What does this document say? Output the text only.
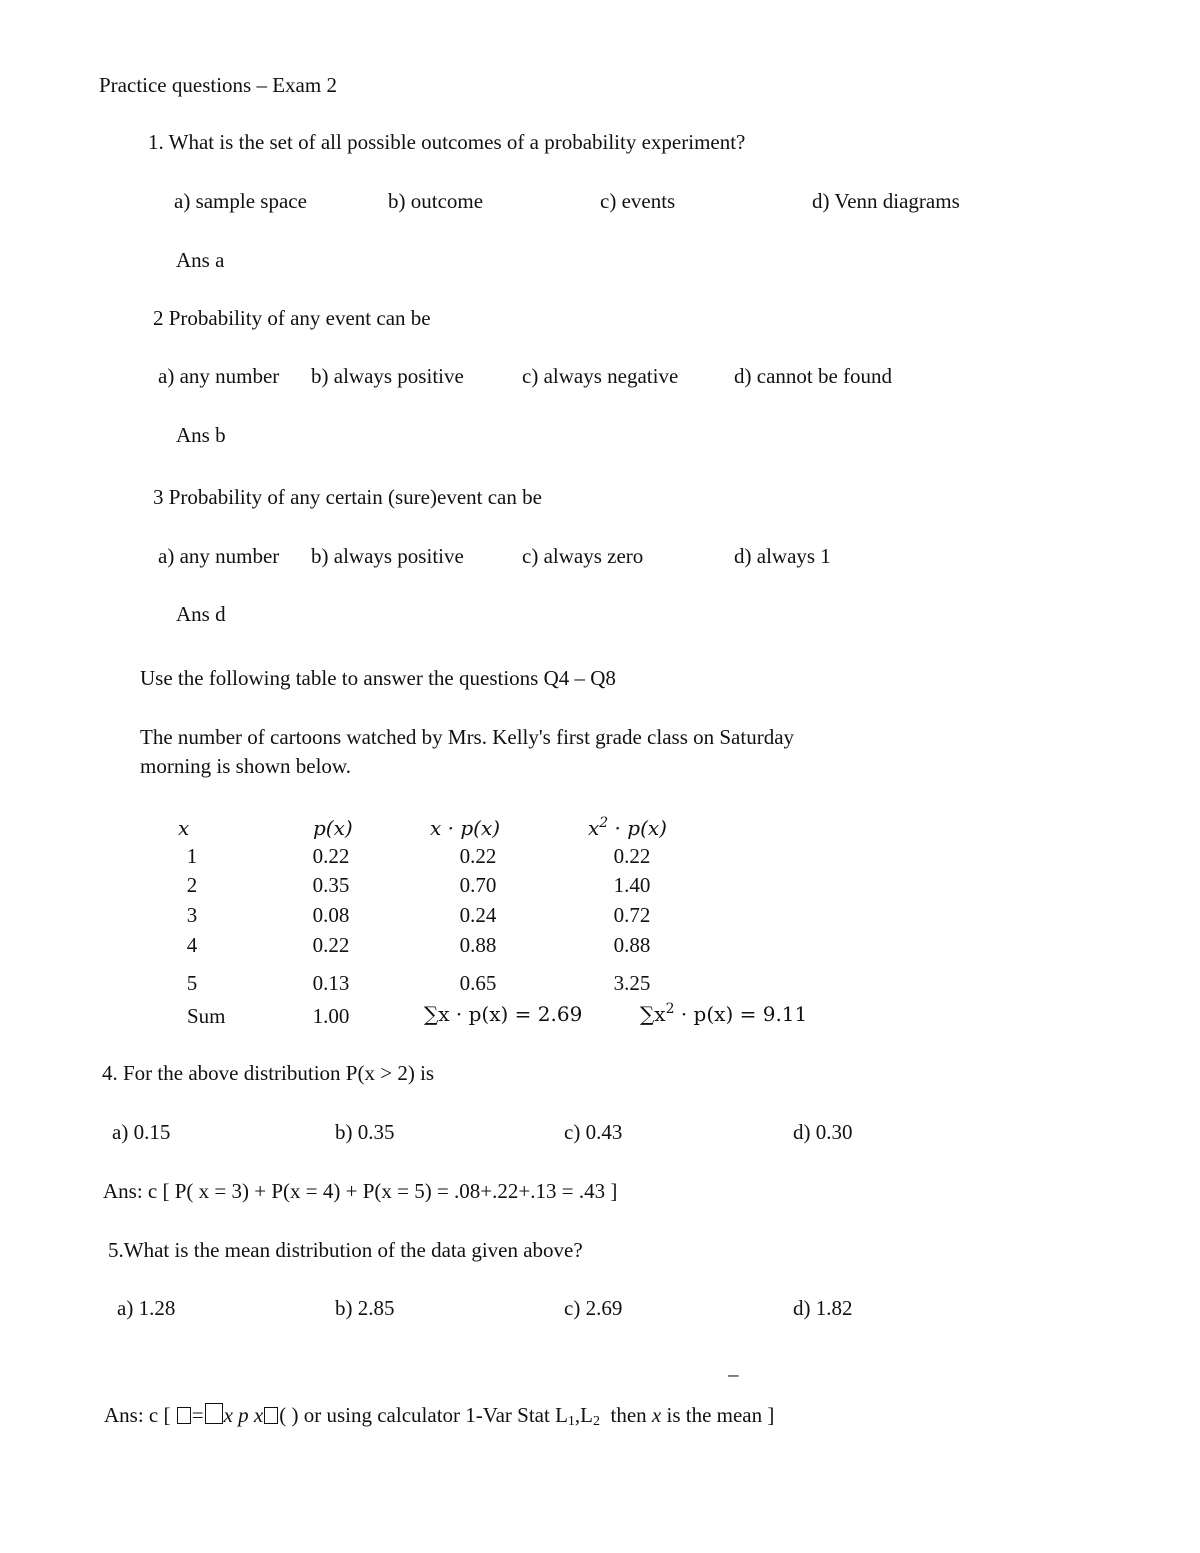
Practice questions – Exam 2
1. What is the set of all possible outcomes of a probability experiment?
a) sample space	b) outcome	c) events	d) Venn diagrams
Ans a
2 Probability of any event can be
a) any number b) always positive	c) always negative	d) cannot be found
Ans b
3 Probability of any certain (sure)event can be
a) any number b) always positive	c) always zero	d) always 1
Ans d
Use the following table to answer the questions Q4 – Q8
The number of cartoons watched by Mrs. Kelly's first grade class on Saturday
morning is shown below.
x	p(x)	x · p(x)	$x^2 \cdot p(x)$
1	0.22	0.22	0.22
2	0.35	0.70	1.40
3	0.08	0.24	0.72
4	0.22	0.88	0.88
5	0.13	0.65	3.25
Sum	1.00	∑x · p(x) = 2.69	$\sum x^2 \cdot p(x) = 9.11$
4. For the above distribution P(x > 2) is
a) 0.15	b) 0.35	c) 0.43	d) 0.30
Ans: c [ P( x = 3) + P(x = 4) + P(x = 5) = .08+.22+.13 = .43 ]
5.What is the mean distribution of the data given above?
a) 1.28	b) 2.85	c) 2.69	d) 1.82
–
Ans: c [ = x p x ( ) or using calculator 1-Var Stat $L_1,L_2$  then x is the mean ]
